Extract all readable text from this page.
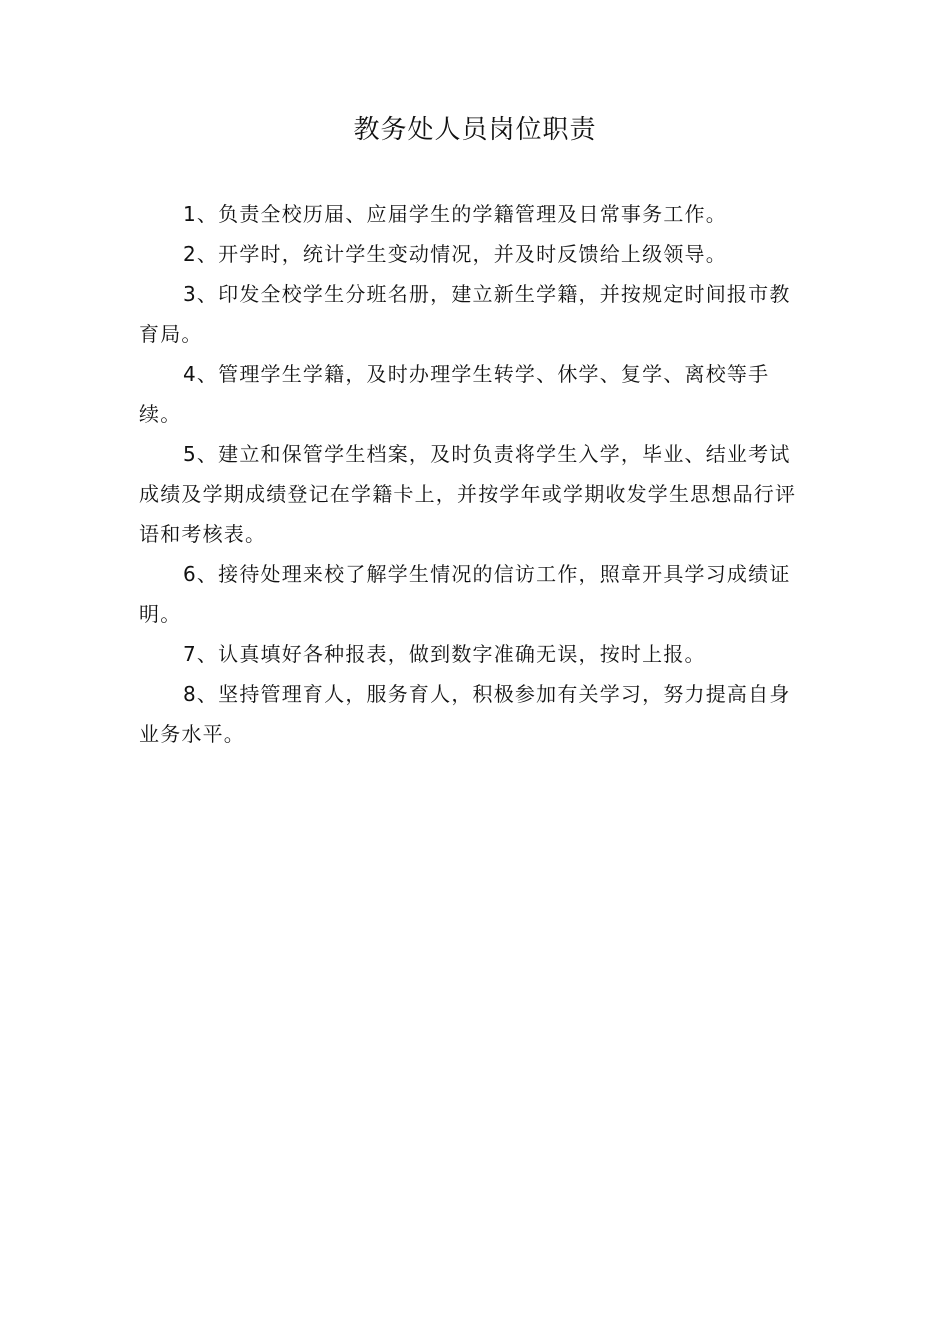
教务处人员岗位职责
1、负责全校历届、应届学生的学籍管理及日常事务工作。
2、开学时，统计学生变动情况，并及时反馈给上级领导。
3、印发全校学生分班名册，建立新生学籍，并按规定时间报市教育局。
4、管理学生学籍，及时办理学生转学、休学、复学、离校等手续。
5、建立和保管学生档案，及时负责将学生入学，毕业、结业考试成绩及学期成绩登记在学籍卡上，并按学年或学期收发学生思想品行评语和考核表。
6、接待处理来校了解学生情况的信访工作，照章开具学习成绩证明。
7、认真填好各种报表，做到数字准确无误，按时上报。
8、坚持管理育人，服务育人，积极参加有关学习，努力提高自身业务水平。
